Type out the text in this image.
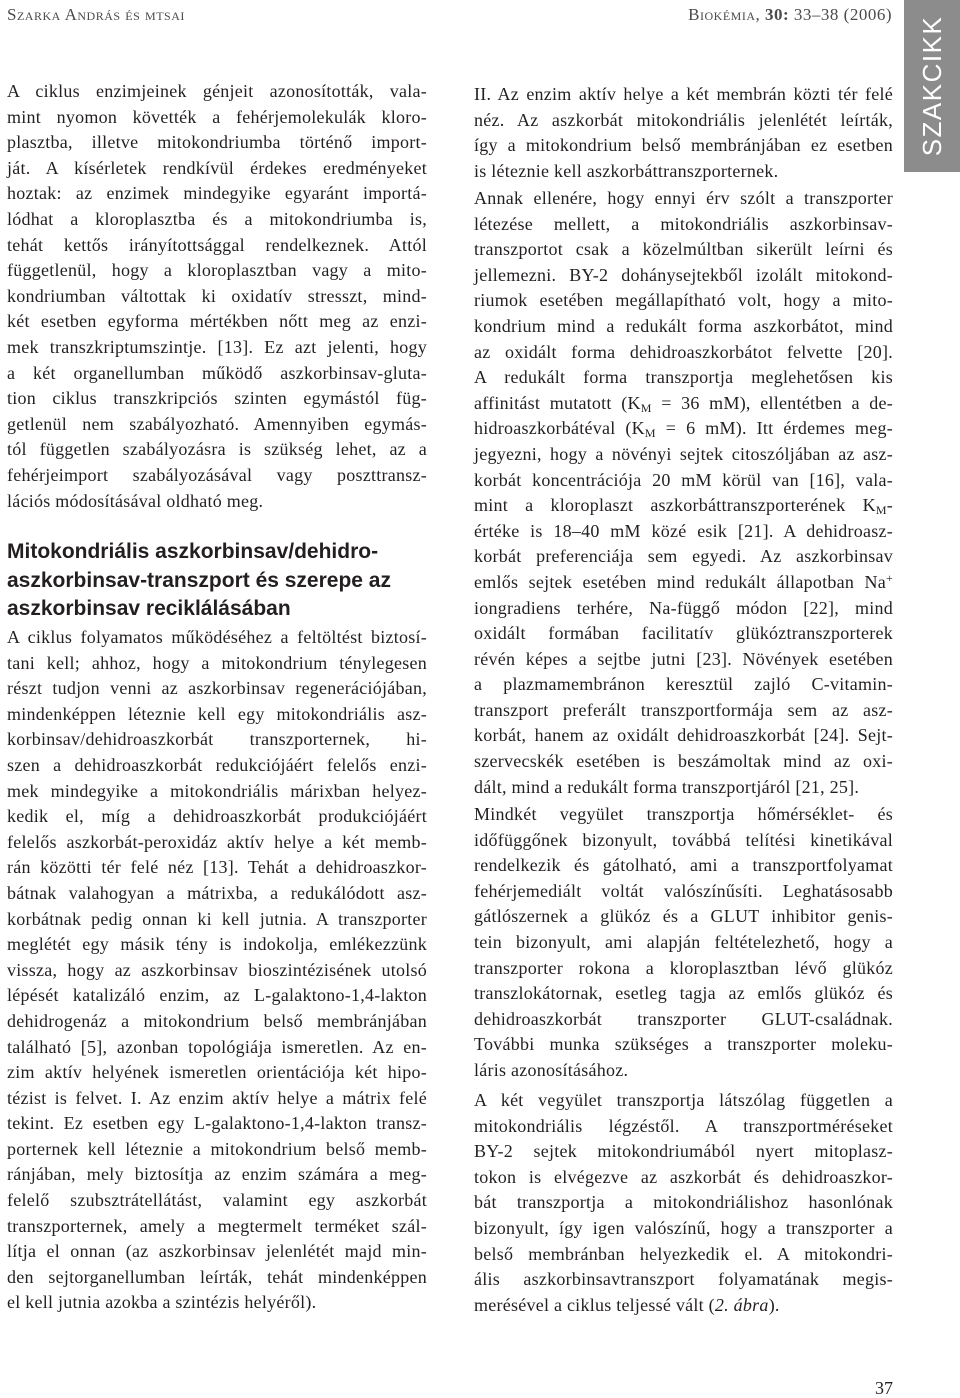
Szarka András és mtsai	Biokémia, 30: 33–38 (2006)
SZAKCIKK
A ciklus enzimjeinek génjeit azonosították, vala-
mint nyomon követték a fehérjemolekulák kloro-
plasztba, illetve mitokondriumba történő import-
ját. A kísérletek rendkívül érdekes eredményeket
hoztak: az enzimek mindegyike egyaránt importá-
lódhat a kloroplasztba és a mitokondriumba is,
tehát kettős irányítottsággal rendelkeznek. Attól
függetlenül, hogy a kloroplasztban vagy a mito-
kondriumban váltottak ki oxidatív stresszt, mind-
két esetben egyforma mértékben nőtt meg az enzi-
mek transzkriptumszintje. [13]. Ez azt jelenti, hogy
a két organellumban működő aszkorbinsav-gluta-
tion ciklus transzkripciós szinten egymástól füg-
getlenül nem szabályozható. Amennyiben egymás-
tól független szabályozásra is szükség lehet, az a
fehérjeimport szabályozásával vagy poszttransz-
lációs módosításával oldható meg.
Mitokondriális aszkorbinsav/dehidro-
aszkorbinsav-transzport és szerepe az
aszkorbinsav reciklálásában
A ciklus folyamatos működéséhez a feltöltést biztosí-
tani kell; ahhoz, hogy a mitokondrium ténylegesen
részt tudjon venni az aszkorbinsav regenerációjában,
mindenképpen léteznie kell egy mitokondriális asz-
korbinsav/dehidroaszkorbát transzporternek, hi-
szen a dehidroaszkorbát redukciójáért felelős enzi-
mek mindegyike a mitokondriális márixban helyez-
kedik el, míg a dehidroaszkorbát produkciójáért
felelős aszkorbát-peroxidáz aktív helye a két memb-
rán közötti tér felé néz [13]. Tehát a dehidroaszkor-
bátnak valahogyan a mátrixba, a redukálódott asz-
korbátnak pedig onnan ki kell jutnia. A transzporter
meglétét egy másik tény is indokolja, emlékezzünk
vissza, hogy az aszkorbinsav bioszintézisének utolsó
lépését katalizáló enzim, az L-galaktono-1,4-lakton
dehidrogenáz a mitokondrium belső membránjában
található [5], azonban topológiája ismeretlen. Az en-
zim aktív helyének ismeretlen orientációja két hipo-
tézist is felvet. I. Az enzim aktív helye a mátrix felé
tekint. Ez esetben egy L-galaktono-1,4-lakton transz-
porternek kell léteznie a mitokondrium belső memb-
ránjában, mely biztosítja az enzim számára a meg-
felelő szubsztrátellátást, valamint egy aszkorbát
transzporternek, amely a megtermelt terméket szál-
lítja el onnan (az aszkorbinsav jelenlétét majd min-
den sejtorganellumban leírták, tehát mindenképpen
el kell jutnia azokba a szintézis helyéről).
II. Az enzim aktív helye a két membrán közti tér felé
néz. Az aszkorbát mitokondriális jelenlétét leírták,
így a mitokondrium belső membránjában ez esetben
is léteznie kell aszkorbáttranszporternek.
Annak ellenére, hogy ennyi érv szólt a transzporter
létezése mellett, a mitokondriális aszkorbinsav-
transzportot csak a közelmúltban sikerült leírni és
jellemezni. BY-2 dohánysejtekből izolált mitokond-
riumok esetében megállapítható volt, hogy a mito-
kondrium mind a redukált forma aszkorbátot, mind
az oxidált forma dehidroaszkorbátot felvette [20].
A redukált forma transzportja meglehetősen kis
affinitást mutatott ($K_M = 36$ mM), ellentétben a de-
hidroaszkorbátéval ($K_M = 6$ mM). Itt érdemes meg-
jegyezni, hogy a növényi sejtek citoszóljában az asz-
korbát koncentrációja 20 mM körül van [16], vala-
mint a kloroplaszt aszkorbáttranszporterének $K_M-$
értéke is 18–40 mM közé esik [21]. A dehidroasz-
korbát preferenciája sem egyedi. Az aszkorbinsav
emlős sejtek esetében mind redukált állapotban Na+
iongradiens terhére, Na-függő módon [22], mind
oxidált formában facilitatív glükóztranszporterek
révén képes a sejtbe jutni [23]. Növények esetében
a plazmamembránon keresztül zajló C-vitamin-
transzport preferált transzportformája sem az asz-
korbát, hanem az oxidált dehidroaszkorbát [24]. Sejt-
szervecskék esetében is beszámoltak mind az oxi-
dált, mind a redukált forma transzportjáról [21, 25].
Mindkét vegyület transzportja hőmérséklet- és
időfüggőnek bizonyult, továbbá telítési kinetikával
rendelkezik és gátolható, ami a transzportfolyamat
fehérjemediált voltát valószínűsíti. Leghatásosabb
gátlószernek a glükóz és a GLUT inhibitor genis-
tein bizonyult, ami alapján feltételezhető, hogy a
transzporter rokona a kloroplasztban lévő glükóz
transzlokátornak, esetleg tagja az emlős glükóz és
dehidroaszkorbát transzporter GLUT-családnak.
További munka szükséges a transzporter moleku-
láris azonosításához.
A két vegyület transzportja látszólag független a
mitokondriális légzéstől. A transzportméréseket
BY-2 sejtek mitokondriumából nyert mitoplasz-
tokon is elvégezve az aszkorbát és dehidroaszkor-
bát transzportja a mitokondriálishoz hasonlónak
bizonyult, így igen valószínű, hogy a transzporter a
belső membránban helyezkedik el. A mitokondri-
ális aszkorbinsavtranszport folyamatának megis-
merésével a ciklus teljessé vált (2. ábra).
37
